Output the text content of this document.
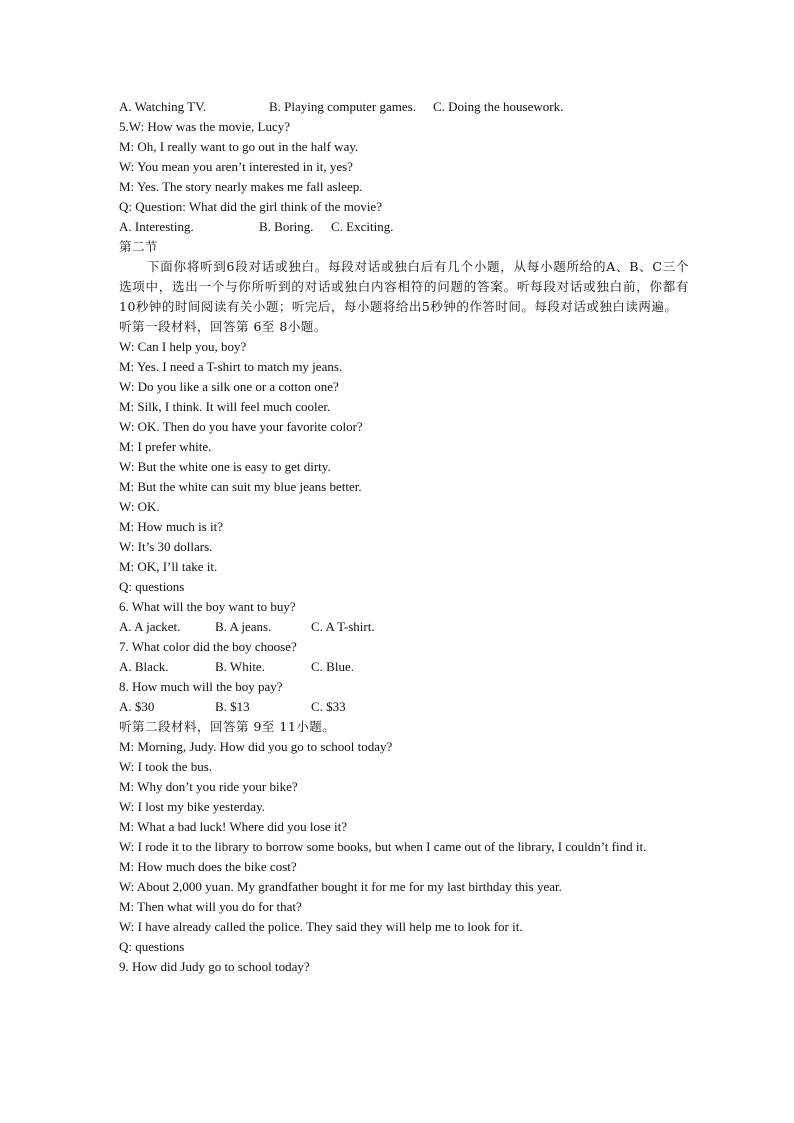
A. Watching TV.	B. Playing computer games. C. Doing the housework.
5.W: How was the movie, Lucy?
M: Oh, I really want to go out in the half way.
W: You mean you aren’t interested in it, yes?
M: Yes. The story nearly makes me fall asleep.
Q: Question: What did the girl think of the movie?
A. Interesting.	B. Boring. C. Exciting.
第二节
下面你将听到6段对话或独白。每段对话或独白后有几个小题，从每小题所给的A、B、C三个选项中，选出一个与你所听到的对话或独白内容相符的问题的答案。听每段对话或独白前，你都有10秒钟的时间阅读有关小题；听完后，每小题将给出5秒钟的作答时间。每段对话或独白读两遍。
听第一段材料，回答第 6至 8小题。
W: Can I help you, boy?
M: Yes. I need a T-shirt to match my jeans.
W: Do you like a silk one or a cotton one?
M: Silk, I think. It will feel much cooler.
W: OK. Then do you have your favorite color?
M: I prefer white.
W: But the white one is easy to get dirty.
M: But the white can suit my blue jeans better.
W: OK.
M: How much is it?
W: It’s 30 dollars.
M: OK, I’ll take it.
Q: questions
6. What will the boy want to buy?
A. A jacket.	B. A jeans.	C. A T-shirt.
7. What color did the boy choose?
A. Black.	B. White.	C. Blue.
8. How much will the boy pay?
A. $30	B. $13	C. $33
听第二段材料，回答第 9至 11小题。
M: Morning, Judy. How did you go to school today?
W: I took the bus.
M: Why don’t you ride your bike?
W: I lost my bike yesterday.
M: What a bad luck! Where did you lose it?
W: I rode it to the library to borrow some books, but when I came out of the library, I couldn’t find it.
M: How much does the bike cost?
W: About 2,000 yuan. My grandfather bought it for me for my last birthday this year.
M: Then what will you do for that?
W: I have already called the police. They said they will help me to look for it.
Q: questions
9. How did Judy go to school today?
